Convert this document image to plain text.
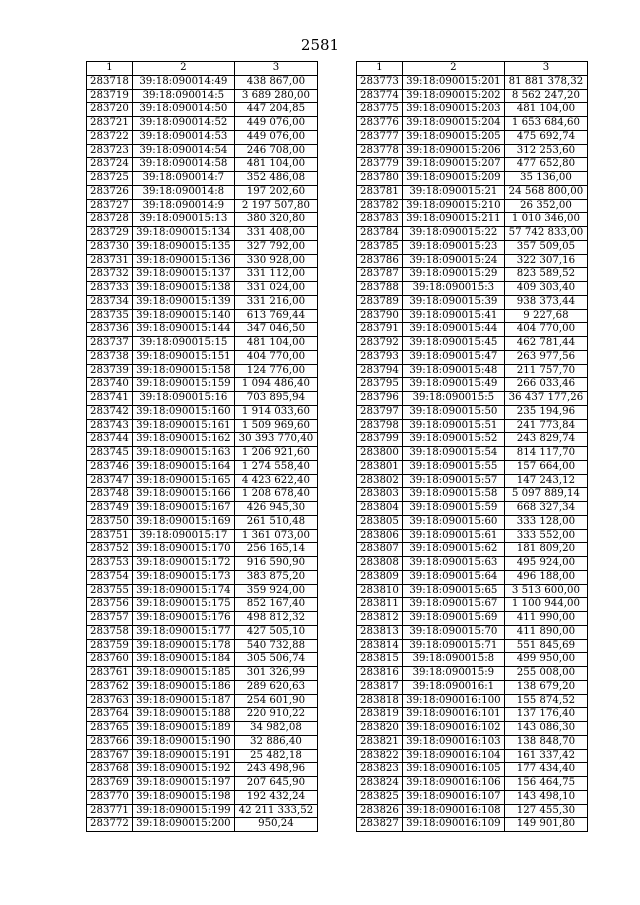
2581
1	2	3
283718	39:18:090014:49	438 867,00
283719	39:18:090014:5	3 689 280,00
283720	39:18:090014:50	447 204,85
283721	39:18:090014:52	449 076,00
283722	39:18:090014:53	449 076,00
283723	39:18:090014:54	246 708,00
283724	39:18:090014:58	481 104,00
283725	39:18:090014:7	352 486,08
283726	39:18:090014:8	197 202,60
283727	39:18:090014:9	2 197 507,80
283728	39:18:090015:13	380 320,80
283729	39:18:090015:134	331 408,00
283730	39:18:090015:135	327 792,00
283731	39:18:090015:136	330 928,00
283732	39:18:090015:137	331 112,00
283733	39:18:090015:138	331 024,00
283734	39:18:090015:139	331 216,00
283735	39:18:090015:140	613 769,44
283736	39:18:090015:144	347 046,50
283737	39:18:090015:15	481 104,00
283738	39:18:090015:151	404 770,00
283739	39:18:090015:158	124 776,00
283740	39:18:090015:159	1 094 486,40
283741	39:18:090015:16	703 895,94
283742	39:18:090015:160	1 914 033,60
283743	39:18:090015:161	1 509 969,60
283744	39:18:090015:162	30 393 770,40
283745	39:18:090015:163	1 206 921,60
283746	39:18:090015:164	1 274 558,40
283747	39:18:090015:165	4 423 622,40
283748	39:18:090015:166	1 208 678,40
283749	39:18:090015:167	426 945,30
283750	39:18:090015:169	261 510,48
283751	39:18:090015:17	1 361 073,00
283752	39:18:090015:170	256 165,14
283753	39:18:090015:172	916 590,90
283754	39:18:090015:173	383 875,20
283755	39:18:090015:174	359 924,00
283756	39:18:090015:175	852 167,40
283757	39:18:090015:176	498 812,32
283758	39:18:090015:177	427 505,10
283759	39:18:090015:178	540 732,88
283760	39:18:090015:184	305 506,74
283761	39:18:090015:185	301 326,99
283762	39:18:090015:186	289 620,63
283763	39:18:090015:187	254 601,90
283764	39:18:090015:188	220 910,22
283765	39:18:090015:189	34 982,08
283766	39:18:090015:190	32 886,40
283767	39:18:090015:191	25 482,18
283768	39:18:090015:192	243 498,96
283769	39:18:090015:197	207 645,90
283770	39:18:090015:198	192 432,24
283771	39:18:090015:199	42 211 333,52
283772	39:18:090015:200	950,24
1	2	3
283773	39:18:090015:201	81 881 378,32
283774	39:18:090015:202	8 562 247,20
283775	39:18:090015:203	481 104,00
283776	39:18:090015:204	1 653 684,60
283777	39:18:090015:205	475 692,74
283778	39:18:090015:206	312 253,60
283779	39:18:090015:207	477 652,80
283780	39:18:090015:209	35 136,00
283781	39:18:090015:21	24 568 800,00
283782	39:18:090015:210	26 352,00
283783	39:18:090015:211	1 010 346,00
283784	39:18:090015:22	57 742 833,00
283785	39:18:090015:23	357 509,05
283786	39:18:090015:24	322 307,16
283787	39:18:090015:29	823 589,52
283788	39:18:090015:3	409 303,40
283789	39:18:090015:39	938 373,44
283790	39:18:090015:41	9 227,68
283791	39:18:090015:44	404 770,00
283792	39:18:090015:45	462 781,44
283793	39:18:090015:47	263 977,56
283794	39:18:090015:48	211 757,70
283795	39:18:090015:49	266 033,46
283796	39:18:090015:5	36 437 177,26
283797	39:18:090015:50	235 194,96
283798	39:18:090015:51	241 773,84
283799	39:18:090015:52	243 829,74
283800	39:18:090015:54	814 117,70
283801	39:18:090015:55	157 664,00
283802	39:18:090015:57	147 243,12
283803	39:18:090015:58	5 097 889,14
283804	39:18:090015:59	668 327,34
283805	39:18:090015:60	333 128,00
283806	39:18:090015:61	333 552,00
283807	39:18:090015:62	181 809,20
283808	39:18:090015:63	495 924,00
283809	39:18:090015:64	496 188,00
283810	39:18:090015:65	3 513 600,00
283811	39:18:090015:67	1 100 944,00
283812	39:18:090015:69	411 990,00
283813	39:18:090015:70	411 890,00
283814	39:18:090015:71	551 845,69
283815	39:18:090015:8	499 950,00
283816	39:18:090015:9	255 008,00
283817	39:18:090016:1	138 679,20
283818	39:18:090016:100	155 874,52
283819	39:18:090016:101	137 176,40
283820	39:18:090016:102	143 086,30
283821	39:18:090016:103	138 848,70
283822	39:18:090016:104	161 337,42
283823	39:18:090016:105	177 434,40
283824	39:18:090016:106	156 464,75
283825	39:18:090016:107	143 498,10
283826	39:18:090016:108	127 455,30
283827	39:18:090016:109	149 901,80
